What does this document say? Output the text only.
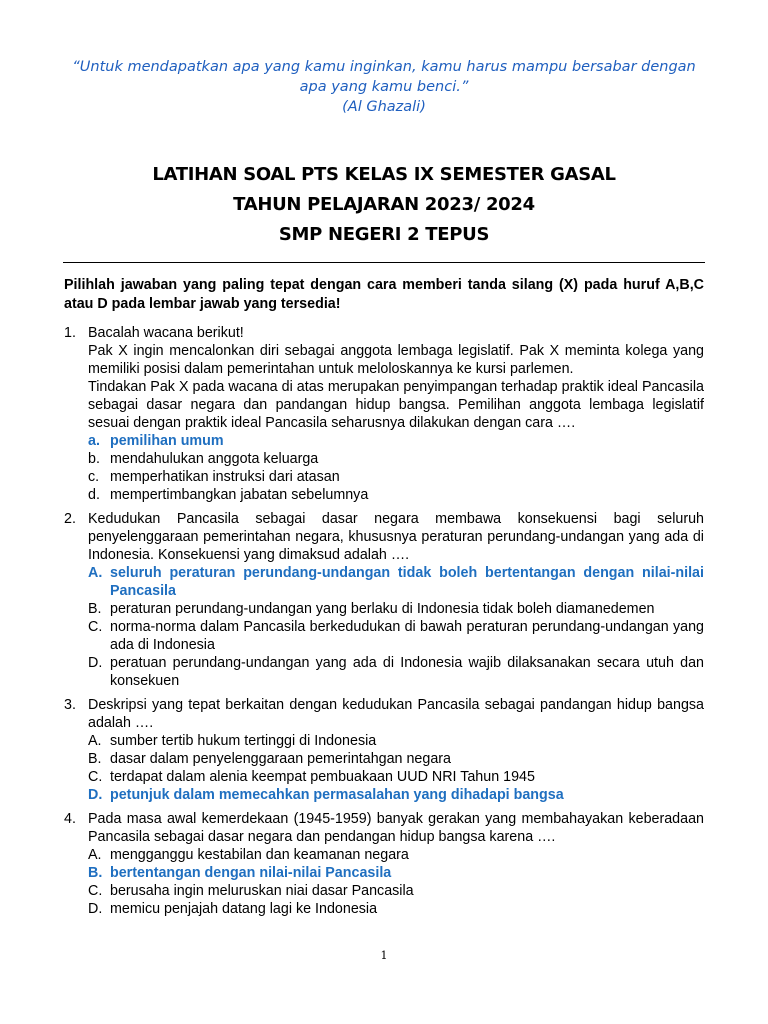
“Untuk mendapatkan apa yang kamu inginkan, kamu harus mampu bersabar dengan
apa yang kamu benci.”
(Al Ghazali)
LATIHAN SOAL PTS KELAS IX SEMESTER GASAL
TAHUN PELAJARAN 2023/ 2024
SMP NEGERI 2 TEPUS
Pilihlah jawaban yang paling tepat dengan cara memberi tanda silang (X) pada huruf A,B,C atau D pada lembar jawab yang tersedia!
1. Bacalah wacana berikut!
Pak X ingin mencalonkan diri sebagai anggota lembaga legislatif. Pak X meminta kolega yang memiliki posisi dalam pemerintahan untuk meloloskannya ke kursi parlemen.
Tindakan Pak X pada wacana di atas merupakan penyimpangan terhadap praktik ideal Pancasila sebagai dasar negara dan pandangan hidup bangsa. Pemilihan anggota lembaga legislatif sesuai dengan praktik ideal Pancasila seharusnya dilakukan dengan cara ….
a. pemilihan umum
b. mendahulukan anggota keluarga
c. memperhatikan instruksi dari atasan
d. mempertimbangkan jabatan sebelumnya
2. Kedudukan Pancasila sebagai dasar negara membawa konsekuensi bagi seluruh penyelenggaraan pemerintahan negara, khususnya peraturan perundang-undangan yang ada di Indonesia. Konsekuensi yang dimaksud adalah ….
A. seluruh peraturan perundang-undangan tidak boleh bertentangan dengan nilai-nilai Pancasila
B. peraturan perundang-undangan yang berlaku di Indonesia tidak boleh diamanedemen
C. norma-norma dalam Pancasila berkedudukan di bawah peraturan perundang-undangan yang ada di Indonesia
D. peratuan perundang-undangan yang ada di Indonesia wajib dilaksanakan secara utuh dan konsekuen
3. Deskripsi yang tepat berkaitan dengan kedudukan Pancasila sebagai pandangan hidup bangsa adalah ….
A. sumber tertib hukum tertinggi di Indonesia
B. dasar dalam penyelenggaraan pemerintahgan negara
C. terdapat dalam alenia keempat pembuakaan UUD NRI Tahun 1945
D. petunjuk dalam memecahkan permasalahan yang dihadapi bangsa
4. Pada masa awal kemerdekaan (1945-1959) banyak gerakan yang membahayakan keberadaan Pancasila sebagai dasar negara dan pendangan hidup bangsa karena ….
A. mengganggu kestabilan dan keamanan negara
B. bertentangan dengan nilai-nilai Pancasila
C. berusaha ingin meluruskan niai dasar Pancasila
D. memicu penjajah datang lagi ke Indonesia
1
